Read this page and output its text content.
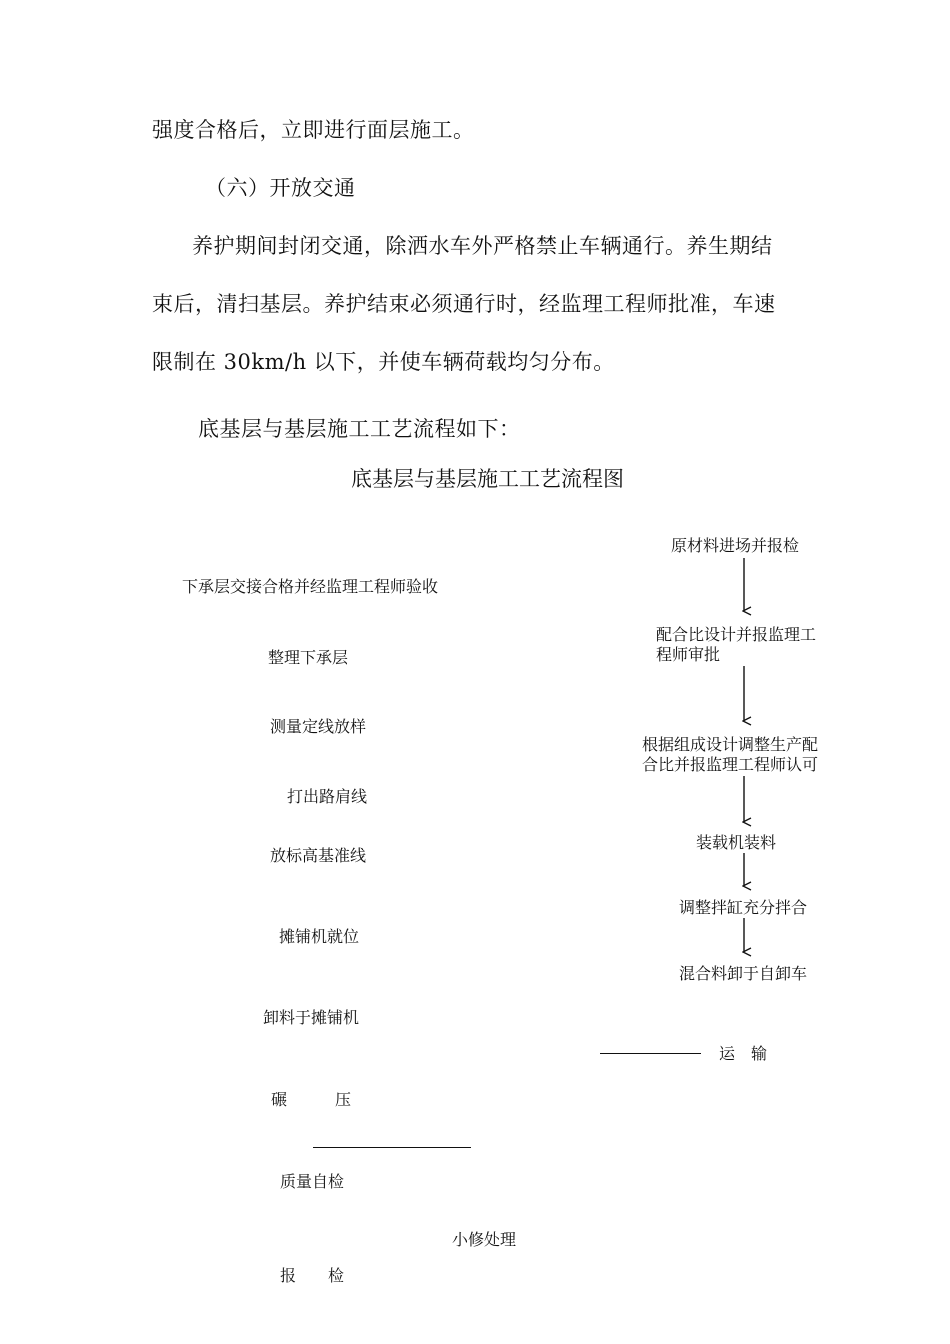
强度合格后，立即进行面层施工。
（六）开放交通
养护期间封闭交通，除洒水车外严格禁止车辆通行。养生期结
束后，清扫基层。养护结束必须通行时，经监理工程师批准，车速
限制在 30km/h 以下，并使车辆荷载均匀分布。
底基层与基层施工工艺流程如下：
底基层与基层施工工艺流程图
下承层交接合格并经监理工程师验收
整理下承层
测量定线放样
打出路肩线
放标高基准线
摊铺机就位
卸料于摊铺机
碾　　　压
质量自检
报　　检
原材料进场并报检
配合比设计并报监理工
程师审批
根据组成设计调整生产配
合比并报监理工程师认可
装载机装料
调整拌缸充分拌合
混合料卸于自卸车
运　输
小修处理
